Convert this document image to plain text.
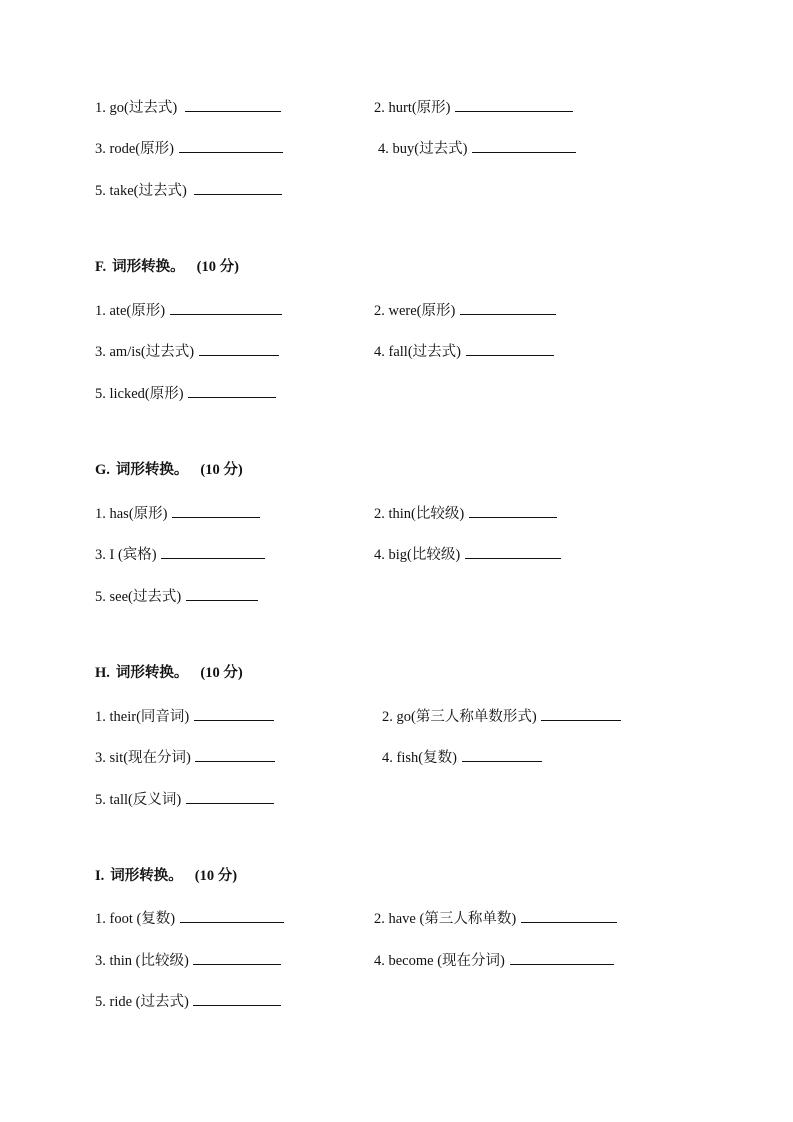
1. go(过去式)	2. hurt(原形)
3. rode(原形)	4. buy(过去式)
5. take(过去式)
F. 词形转换。 (10 分)
1. ate(原形)	2. were(原形)
3. am/is(过去式)	4. fall(过去式)
5. licked(原形)
G. 词形转换。 (10 分)
1. has(原形)	2. thin(比较级)
3. I (宾格)	4. big(比较级)
5. see(过去式)
H. 词形转换。 (10 分)
1. their(同音词)	2. go(第三人称单数形式)
3. sit(现在分词)	4. fish(复数)
5. tall(反义词)
I. 词形转换。 (10 分)
1. foot (复数)	2. have (第三人称单数)
3. thin (比较级)	4. become (现在分词)
5. ride (过去式)
